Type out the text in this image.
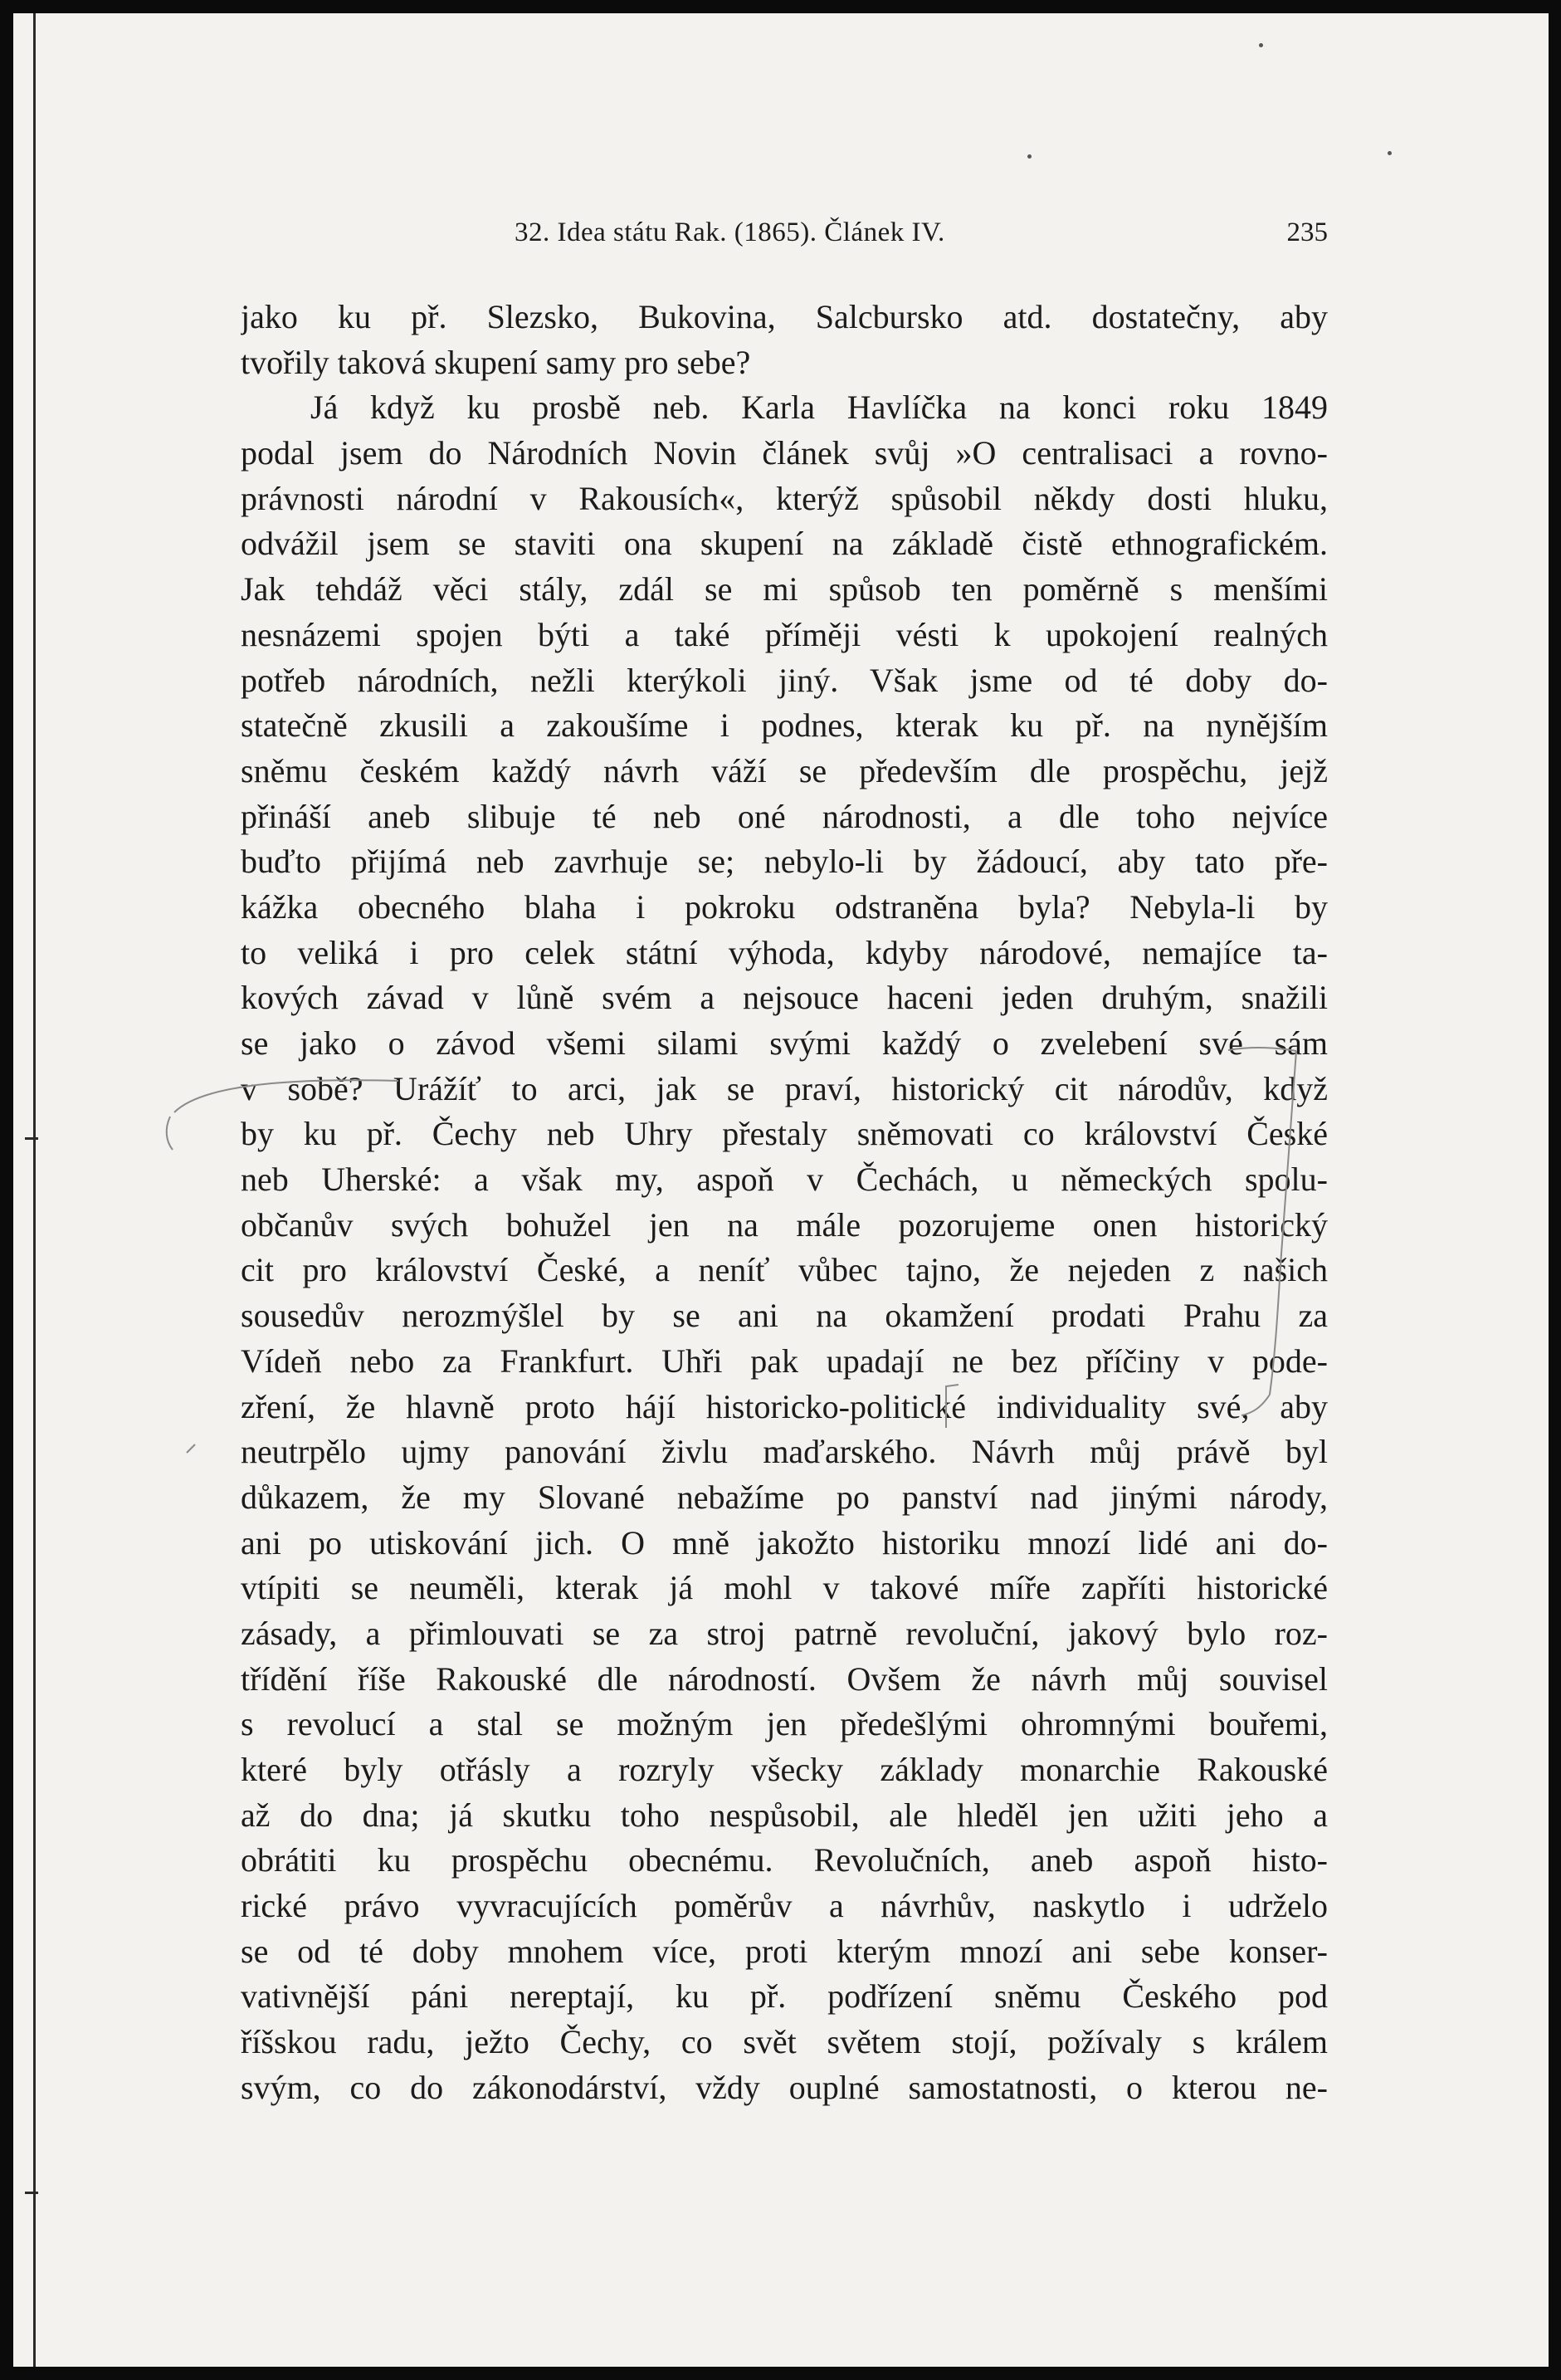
32. Idea státu Rak. (1865). Článek IV.	235
jako ku př. Slezsko, Bukovina, Salcbursko atd. dostatečny, aby
tvořily taková skupení samy pro sebe?
Já když ku prosbě neb. Karla Havlíčka na konci roku 1849
podal jsem do Národních Novin článek svůj »O centralisaci a rovno-
právnosti národní v Rakousích«, kterýž spůsobil někdy dosti hluku,
odvážil jsem se staviti ona skupení na základě čistě ethnografickém.
Jak tehdáž věci stály, zdál se mi spůsob ten poměrně s menšími
nesnázemi spojen býti a také příměji vésti k upokojení realných
potřeb národních, nežli kterýkoli jiný. Však jsme od té doby do-
statečně zkusili a zakoušíme i podnes, kterak ku př. na nynějším
sněmu českém každý návrh váží se především dle prospěchu, jejž
přináší aneb slibuje té neb oné národnosti, a dle toho nejvíce
buďto přijímá neb zavrhuje se; nebylo-li by žádoucí, aby tato pře-
kážka obecného blaha i pokroku odstraněna byla? Nebyla-li by
to veliká i pro celek státní výhoda, kdyby národové, nemajíce ta-
kových závad v lůně svém a nejsouce haceni jeden druhým, snažili
se jako o závod všemi silami svými každý o zvelebení své sám
v sobě? Urážíť to arci, jak se praví, historický cit národův, když
by ku př. Čechy neb Uhry přestaly sněmovati co království České
neb Uherské: a však my, aspoň v Čechách, u německých spolu-
občanův svých bohužel jen na mále pozorujeme onen historický
cit pro království České, a neníť vůbec tajno, že nejeden z našich
sousedův nerozmýšlel by se ani na okamžení prodati Prahu za
Vídeň nebo za Frankfurt. Uhři pak upadají ne bez příčiny v pode-
zření, že hlavně proto hájí historicko-politické individuality své, aby
neutrpělo ujmy panování živlu maďarského. Návrh můj právě byl
důkazem, že my Slované nebažíme po panství nad jinými národy,
ani po utiskování jich. O mně jakožto historiku mnozí lidé ani do-
vtípiti se neuměli, kterak já mohl v takové míře zapříti historické
zásady, a přimlouvati se za stroj patrně revoluční, jakový bylo roz-
třídění říše Rakouské dle národností. Ovšem že návrh můj souvisel
s revolucí a stal se možným jen předešlými ohromnými bouřemi,
které byly otřásly a rozryly všecky základy monarchie Rakouské
až do dna; já skutku toho nespůsobil, ale hleděl jen užiti jeho a
obrátiti ku prospěchu obecnému. Revolučních, aneb aspoň histo-
rické právo vyvracujících poměrův a návrhův, naskytlo i udrželo
se od té doby mnohem více, proti kterým mnozí ani sebe konser-
vativnější páni nereptají, ku př. podřízení sněmu Českého pod
říšskou radu, ježto Čechy, co svět světem stojí, požívaly s králem
svým, co do zákonodárství, vždy ouplné samostatnosti, o kterou ne-
